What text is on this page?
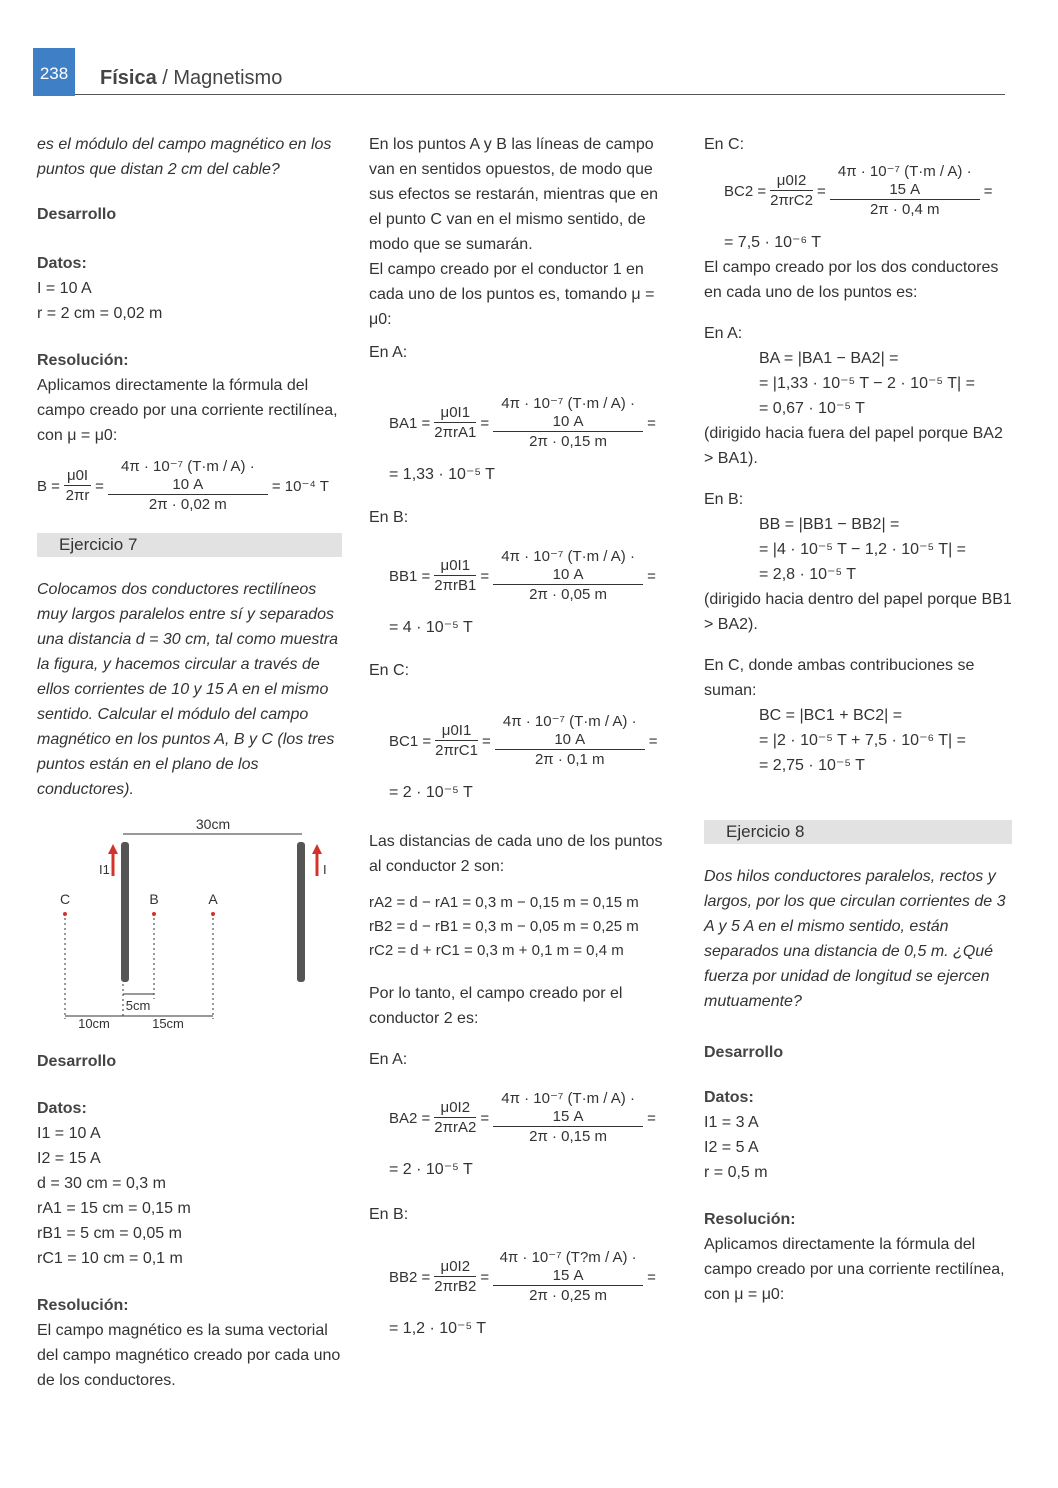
238	Física / Magnetismo

es el módulo del campo magnético en los puntos que distan 2 cm del cable?

Desarrollo

Datos:

I = 10 A

r = 2 cm = 0,02 m

Resolución:

Aplicamos directamente la fórmula del campo creado por una corriente rectilínea, con μ = μ0:

$B = \frac{\mu 0I}{2\pi r} = \frac{\text{4π · 10⁻⁷ (T·m / A) · 10 A}}{2\pi \cdot 0,02 m} = 10^{-4}$ T
Ejercicio 7

Colocamos dos conductores rectilíneos muy largos paralelos entre sí y separados una distancia d = 30 cm, tal como muestra la figura, y hacemos circular a través de ellos corrientes de 10 y 15 A en el mismo sentido. Calcular el módulo del campo magnético en los puntos A, B y C (los tres puntos están en el plano de los conductores).

30cm
I1	I
C	B	A
5cm
10cm	15cm
Desarrollo

Datos:

I1 = 10 A

I2 = 15 A

d = 30 cm = 0,3 m

rA1 = 15 cm = 0,15 m

rB1 = 5 cm = 0,05 m

rC1 = 10 cm = 0,1 m

Resolución:

El campo magnético es la suma vectorial del campo magnético creado por cada uno de los conductores.

En los puntos A y B las líneas de campo van en sentidos opuestos, de modo que sus efectos se restarán, mientras que en el punto C van en el mismo sentido, de modo que se sumarán.

El campo creado por el conductor 1 en cada uno de los puntos es, tomando μ = μ0:

En A:

$BA1 = \frac{\mu 0I1}{\text{2πrA1}} = \frac{\text{4π · 10⁻⁷ (T·m / A) · 10 A}}{2\pi \cdot 0,15 m}$ =

= 1,33 · 10⁻⁵ T

En B:

$BB1 = \frac{\mu 0I1}{\text{2πrB1}} = \frac{\text{4π · 10⁻⁷ (T·m / A) · 10 A}}{2\pi \cdot 0,05 m}$ =

= 4 · 10⁻⁵ T

En C:

$BC1 = \frac{\mu 0I1}{\text{2πrC1}} = \frac{\text{4π · 10⁻⁷ (T·m / A) · 10 A}}{2\pi \cdot 0,1 m}$ =

= 2 · 10⁻⁵ T

Las distancias de cada uno de los puntos al conductor 2 son:

rA2 = d − rA1 = 0,3 m − 0,15 m = 0,15 m

rB2 = d − rB1 = 0,3 m − 0,05 m = 0,25 m

rC2 = d + rC1 = 0,3 m + 0,1 m = 0,4 m

Por lo tanto, el campo creado por el conductor 2 es:

En A:

$BA2 = \frac{\mu 0I2}{\text{2πrA2}} = \frac{\text{4π · 10⁻⁷ (T·m / A) · 15 A}}{2\pi \cdot 0,15 m}$ =

= 2 · 10⁻⁵ T

En B:

$BB2 = \frac{\mu 0I2}{\text{2πrB2}} = \frac{\text{4π · 10⁻⁷ (T?m / A) · 15 A}}{2\pi \cdot 0,25 m}$ =

= 1,2 · 10⁻⁵ T

En C:

$BC2 = \frac{\mu 0I2}{\text{2πrC2}} = \frac{\text{4π · 10⁻⁷ (T·m / A) · 15 A}}{2\pi \cdot 0,4 m}$ =

= 7,5 · 10⁻⁶ T

El campo creado por los dos conductores en cada uno de los puntos es:

En A:

BA = |BA1 − BA2| =

= |1,33 · 10⁻⁵ T − 2 · 10⁻⁵ T| =

= 0,67 · 10⁻⁵ T

(dirigido hacia fuera del papel porque BA2 > BA1).

En B:

BB = |BB1 − BB2| =

= |4 · 10⁻⁵ T − 1,2 · 10⁻⁵ T| =

= 2,8 · 10⁻⁵ T

(dirigido hacia dentro del papel porque BB1 > BA2).

En C, donde ambas contribuciones se suman:

BC = |BC1 + BC2| =

= |2 · 10⁻⁵ T + 7,5 · 10⁻⁶ T| =

= 2,75 · 10⁻⁵ T

Ejercicio 8

Dos hilos conductores paralelos, rectos y largos, por los que circulan corrientes de 3 A y 5 A en el mismo sentido, están separados una distancia de 0,5 m. ¿Qué fuerza por unidad de longitud se ejercen mutuamente?

Desarrollo

Datos:

I1 = 3 A

I2 = 5 A

r = 0,5 m

Resolución:

Aplicamos directamente la fórmula del campo creado por una corriente rectilínea, con μ = μ0:
